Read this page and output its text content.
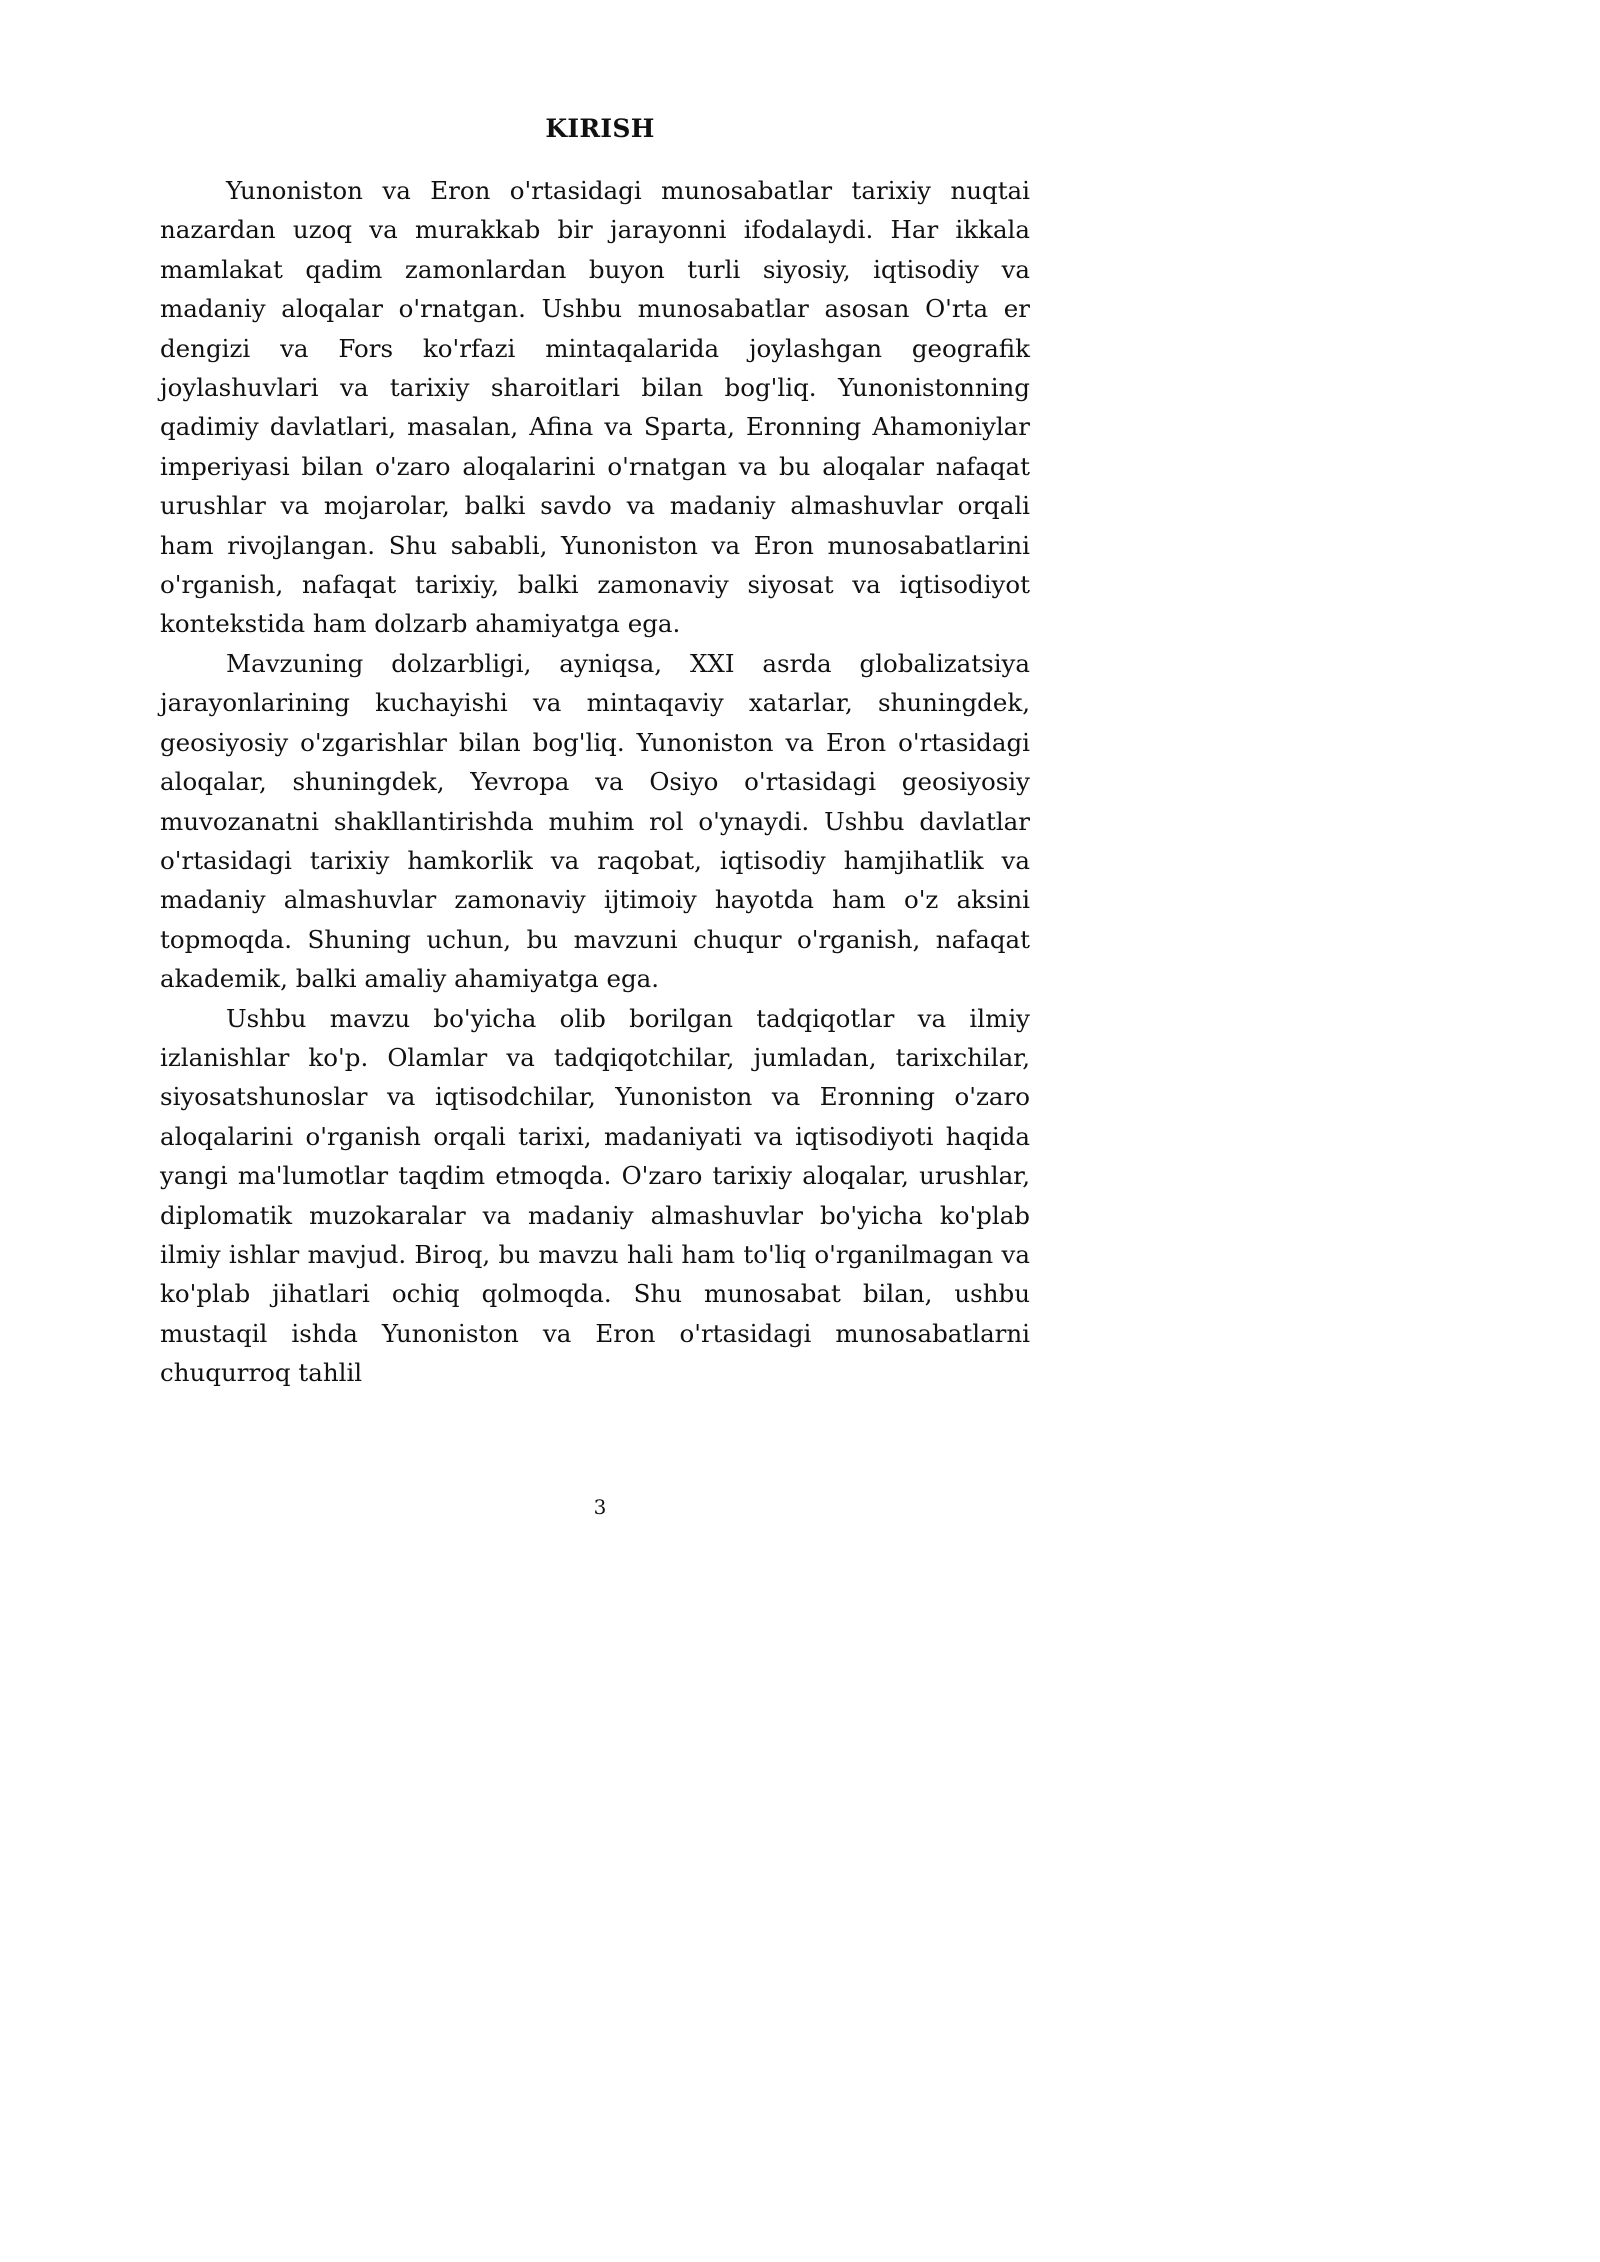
KIRISH

Yunoniston va Eron o'rtasidagi munosabatlar tarixiy nuqtai nazardan uzoq va murakkab bir jarayonni ifodalaydi. Har ikkala mamlakat qadim zamonlardan buyon turli siyosiy, iqtisodiy va madaniy aloqalar o'rnatgan. Ushbu munosabatlar asosan O'rta er dengizi va Fors ko'rfazi mintaqalarida joylashgan geografik joylashuvlari va tarixiy sharoitlari bilan bog'liq. Yunonistonning qadimiy davlatlari, masalan, Afina va Sparta, Eronning Ahamoniylar imperiyasi bilan o'zaro aloqalarini o'rnatgan va bu aloqalar nafaqat urushlar va mojarolar, balki savdo va madaniy almashuvlar orqali ham rivojlangan. Shu sababli, Yunoniston va Eron munosabatlarini o'rganish, nafaqat tarixiy, balki zamonaviy siyosat va iqtisodiyot kontekstida ham dolzarb ahamiyatga ega.

Mavzuning dolzarbligi, ayniqsa, XXI asrda globalizatsiya jarayonlarining kuchayishi va mintaqaviy xatarlar, shuningdek, geosiyosiy o'zgarishlar bilan bog'liq. Yunoniston va Eron o'rtasidagi aloqalar, shuningdek, Yevropa va Osiyo o'rtasidagi geosiyosiy muvozanatni shakllantirishda muhim rol o'ynaydi. Ushbu davlatlar o'rtasidagi tarixiy hamkorlik va raqobat, iqtisodiy hamjihatlik va madaniy almashuvlar zamonaviy ijtimoiy hayotda ham o'z aksini topmoqda. Shuning uchun, bu mavzuni chuqur o'rganish, nafaqat akademik, balki amaliy ahamiyatga ega.

Ushbu mavzu bo'yicha olib borilgan tadqiqotlar va ilmiy izlanishlar ko'p. Olamlar va tadqiqotchilar, jumladan, tarixchilar, siyosatshunoslar va iqtisodchilar, Yunoniston va Eronning o'zaro aloqalarini o'rganish orqali tarixi, madaniyati va iqtisodiyoti haqida yangi ma'lumotlar taqdim etmoqda. O'zaro tarixiy aloqalar, urushlar, diplomatik muzokaralar va madaniy almashuvlar bo'yicha ko'plab ilmiy ishlar mavjud. Biroq, bu mavzu hali ham to'liq o'rganilmagan va ko'plab jihatlari ochiq qolmoqda. Shu munosabat bilan, ushbu mustaqil ishda Yunoniston va Eron o'rtasidagi munosabatlarni chuqurroq tahlil

3
